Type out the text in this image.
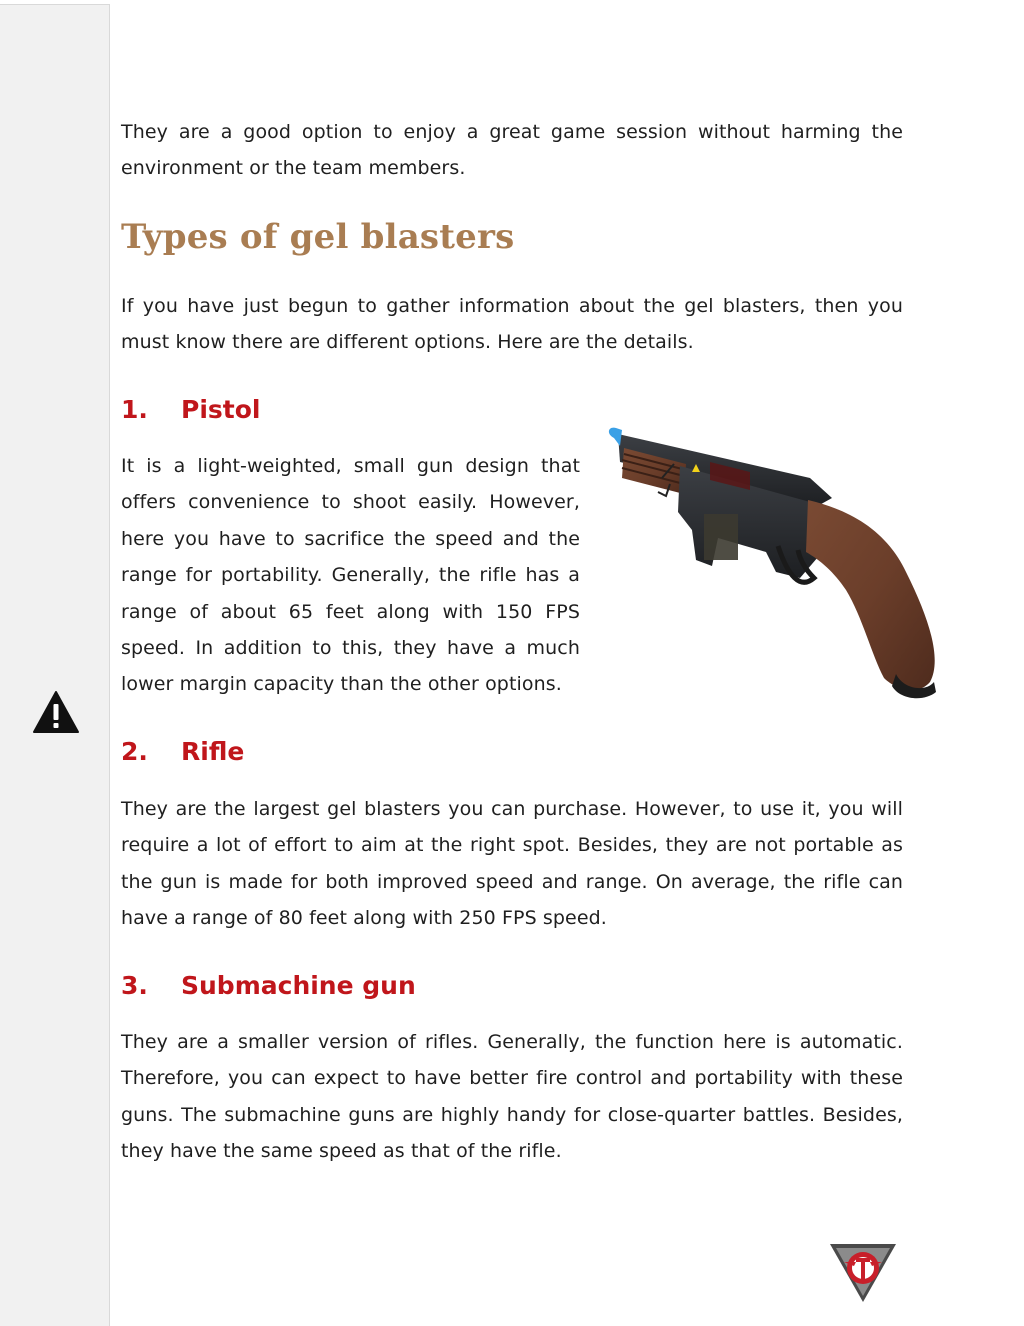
They are a good option to enjoy a great game session without harming the environment or the team members.

Types of gel blasters

If you have just begun to gather information about the gel blasters, then you must know there are different options. Here are the details.

1. Pistol

It is a light-weighted, small gun design that offers convenience to shoot easily. However, here you have to sacrifice the speed and the range for portability. Generally, the rifle has a range of about 65 feet along with 150 FPS speed. In addition to this, they have a much lower margin capacity than the other options.

2. Rifle

They are the largest gel blasters you can purchase. However, to use it, you will require a lot of effort to aim at the right spot. Besides, they are not portable as the gun is made for both improved speed and range. On average, the rifle can have a range of 80 feet along with 250 FPS speed.

3. Submachine gun

They are a smaller version of rifles. Generally, the function here is automatic. Therefore, you can expect to have better fire control and portability with these guns. The submachine guns are highly handy for close-quarter battles. Besides, they have the same speed as that of the rifle.
